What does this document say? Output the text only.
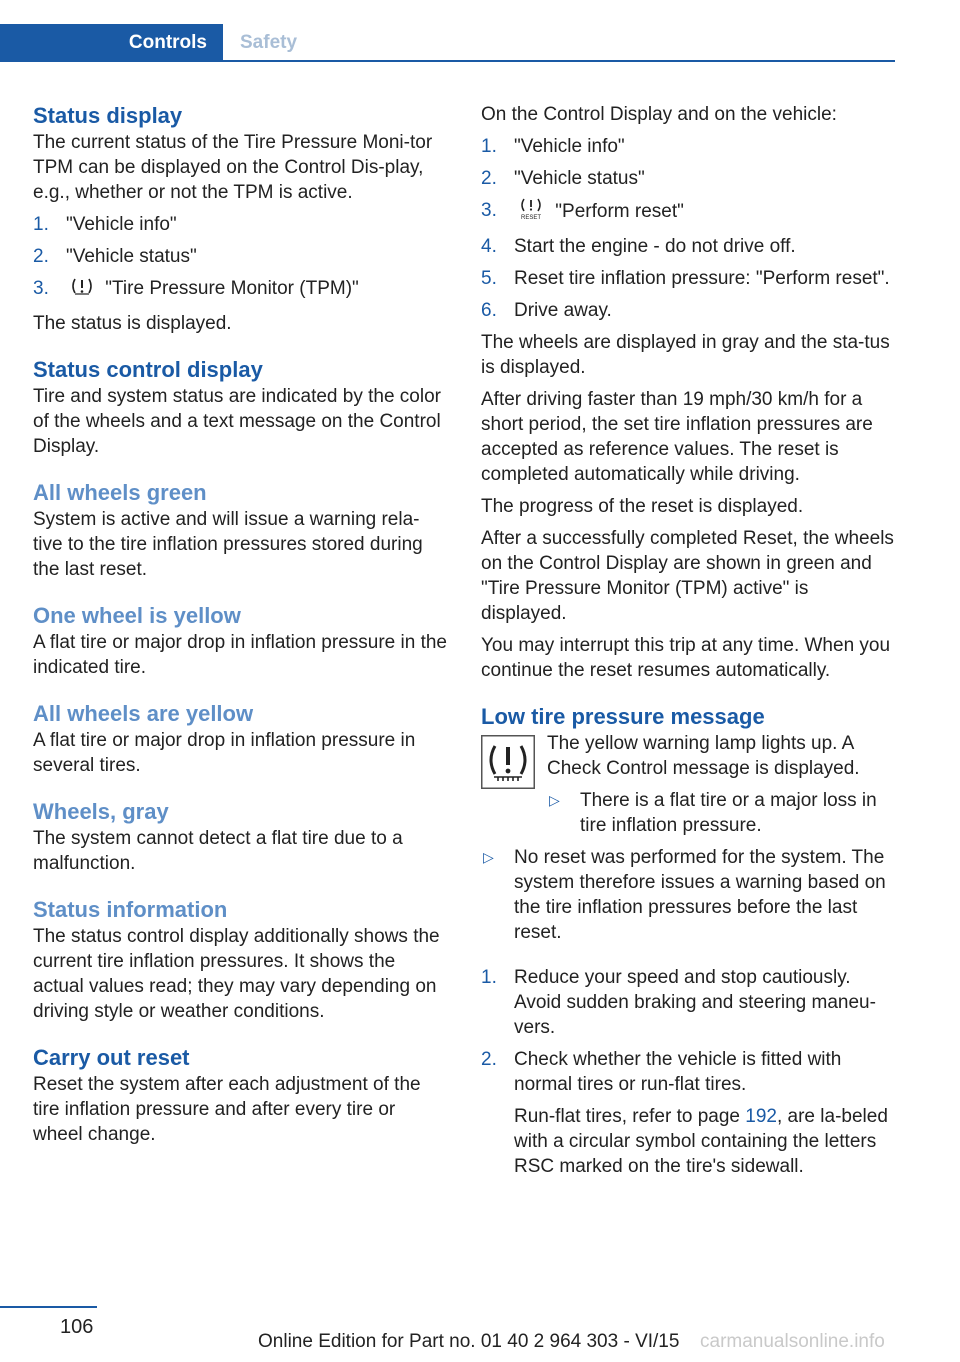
Controls	Safety
Status display

The current status of the Tire Pressure Moni-tor TPM can be displayed on the Control Dis-play, e.g., whether or not the TPM is active.

1. "Vehicle info"
2. "Vehicle status"
3.	"Tire Pressure Monitor (TPM)"

The status is displayed.

Status control display

Tire and system status are indicated by the color of the wheels and a text message on the Control Display.

All wheels green

System is active and will issue a warning rela-tive to the tire inflation pressures stored during the last reset.

One wheel is yellow

A flat tire or major drop in inflation pressure in the indicated tire.

All wheels are yellow

A flat tire or major drop in inflation pressure in several tires.

Wheels, gray

The system cannot detect a flat tire due to a malfunction.

Status information

The status control display additionally shows the current tire inflation pressures. It shows the actual values read; they may vary depending on driving style or weather conditions.

Carry out reset

Reset the system after each adjustment of the tire inflation pressure and after every tire or wheel change.

On the Control Display and on the vehicle:

1. "Vehicle info"
2. "Vehicle status"
3.	RESET "Perform reset"
4. Start the engine - do not drive off.
5. Reset tire inflation pressure: "Perform reset".
6. Drive away.

The wheels are displayed in gray and the sta-tus is displayed.

After driving faster than 19 mph/30 km/h for a short period, the set tire inflation pressures are accepted as reference values. The reset is completed automatically while driving.

The progress of the reset is displayed.

After a successfully completed Reset, the wheels on the Control Display are shown in green and "Tire Pressure Monitor (TPM) active" is displayed.

You may interrupt this trip at any time. When you continue the reset resumes automatically.

Low tire pressure message

The yellow warning lamp lights up. A Check Control message is displayed.

▷ There is a flat tire or a major loss in tire inflation pressure.
▷ No reset was performed for the system. The system therefore issues a warning based on the tire inflation pressures before the last reset.
1. Reduce your speed and stop cautiously. Avoid sudden braking and steering maneu-vers.
2. Check whether the vehicle is fitted with normal tires or run-flat tires.

Run-flat tires, refer to page 192, are la-beled with a circular symbol containing the letters RSC marked on the tire's sidewall.

106
Online Edition for Part no. 01 40 2 964 303 - VI/15 carmanualsonline.info
